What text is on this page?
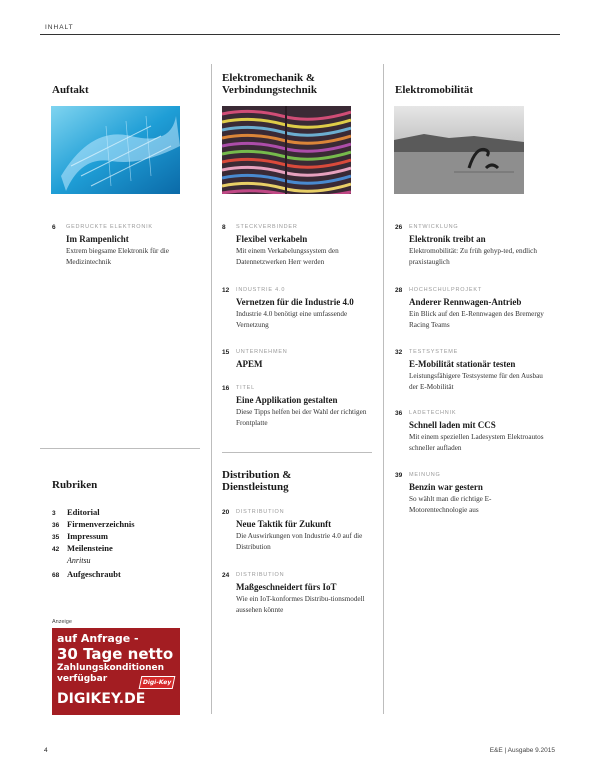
INHALT
Auftakt
6 GEDRUCKTE ELEKTRONIK
Im Rampenlicht
Extrem biegsame Elektronik für die Medizintechnik
Rubriken
3 Editorial
36 Firmenverzeichnis
35 Impressum
42 Meilensteine
Anritsu
68 Aufgeschraubt
Anzeige
auf Anfrage -
30 Tage netto
Zahlungskonditionen
verfügbar
DIGIKEY.DE
Digi-Key
Elektromechanik &
Verbindungstechnik
8 STECKVERBINDER
Flexibel verkabeln
Mit einem Verkabelungssystem den Datennetzwerken Herr werden
12 INDUSTRIE 4.0
Vernetzen für die Industrie 4.0
Industrie 4.0 benötigt eine umfassende Vernetzung
15 UNTERNEHMEN
APEM
16 TITEL
Eine Applikation gestalten
Diese Tipps helfen bei der Wahl der richtigen Frontplatte
Distribution &
Dienstleistung
20 DISTRIBUTION
Neue Taktik für Zukunft
Die Auswirkungen von Industrie 4.0 auf die Distribution
24 DISTRIBUTION
Maßgeschneidert fürs IoT
Wie ein IoT-konformes Distribu-tionsmodell aussehen könnte
Elektromobilität
26 ENTWICKLUNG
Elektronik treibt an
Elektromobilität: Zu früh gehyp-ted, endlich praxistauglich
28 HOCHSCHULPROJEKT
Anderer Rennwagen-Antrieb
Ein Blick auf den E-Rennwagen des Bremergy Racing Teams
32 TESTSYSTEME
E-Mobilität stationär testen
Leistungsfähigere Testsysteme für den Ausbau der E-Mobilität
36 LADETECHNIK
Schnell laden mit CCS
Mit einem speziellen Ladesystem Elektroautos schneller aufladen
39 MEINUNG
Benzin war gestern
So wählt man die richtige E-Motorentechnologie aus
4	E&E | Ausgabe 9.2015
